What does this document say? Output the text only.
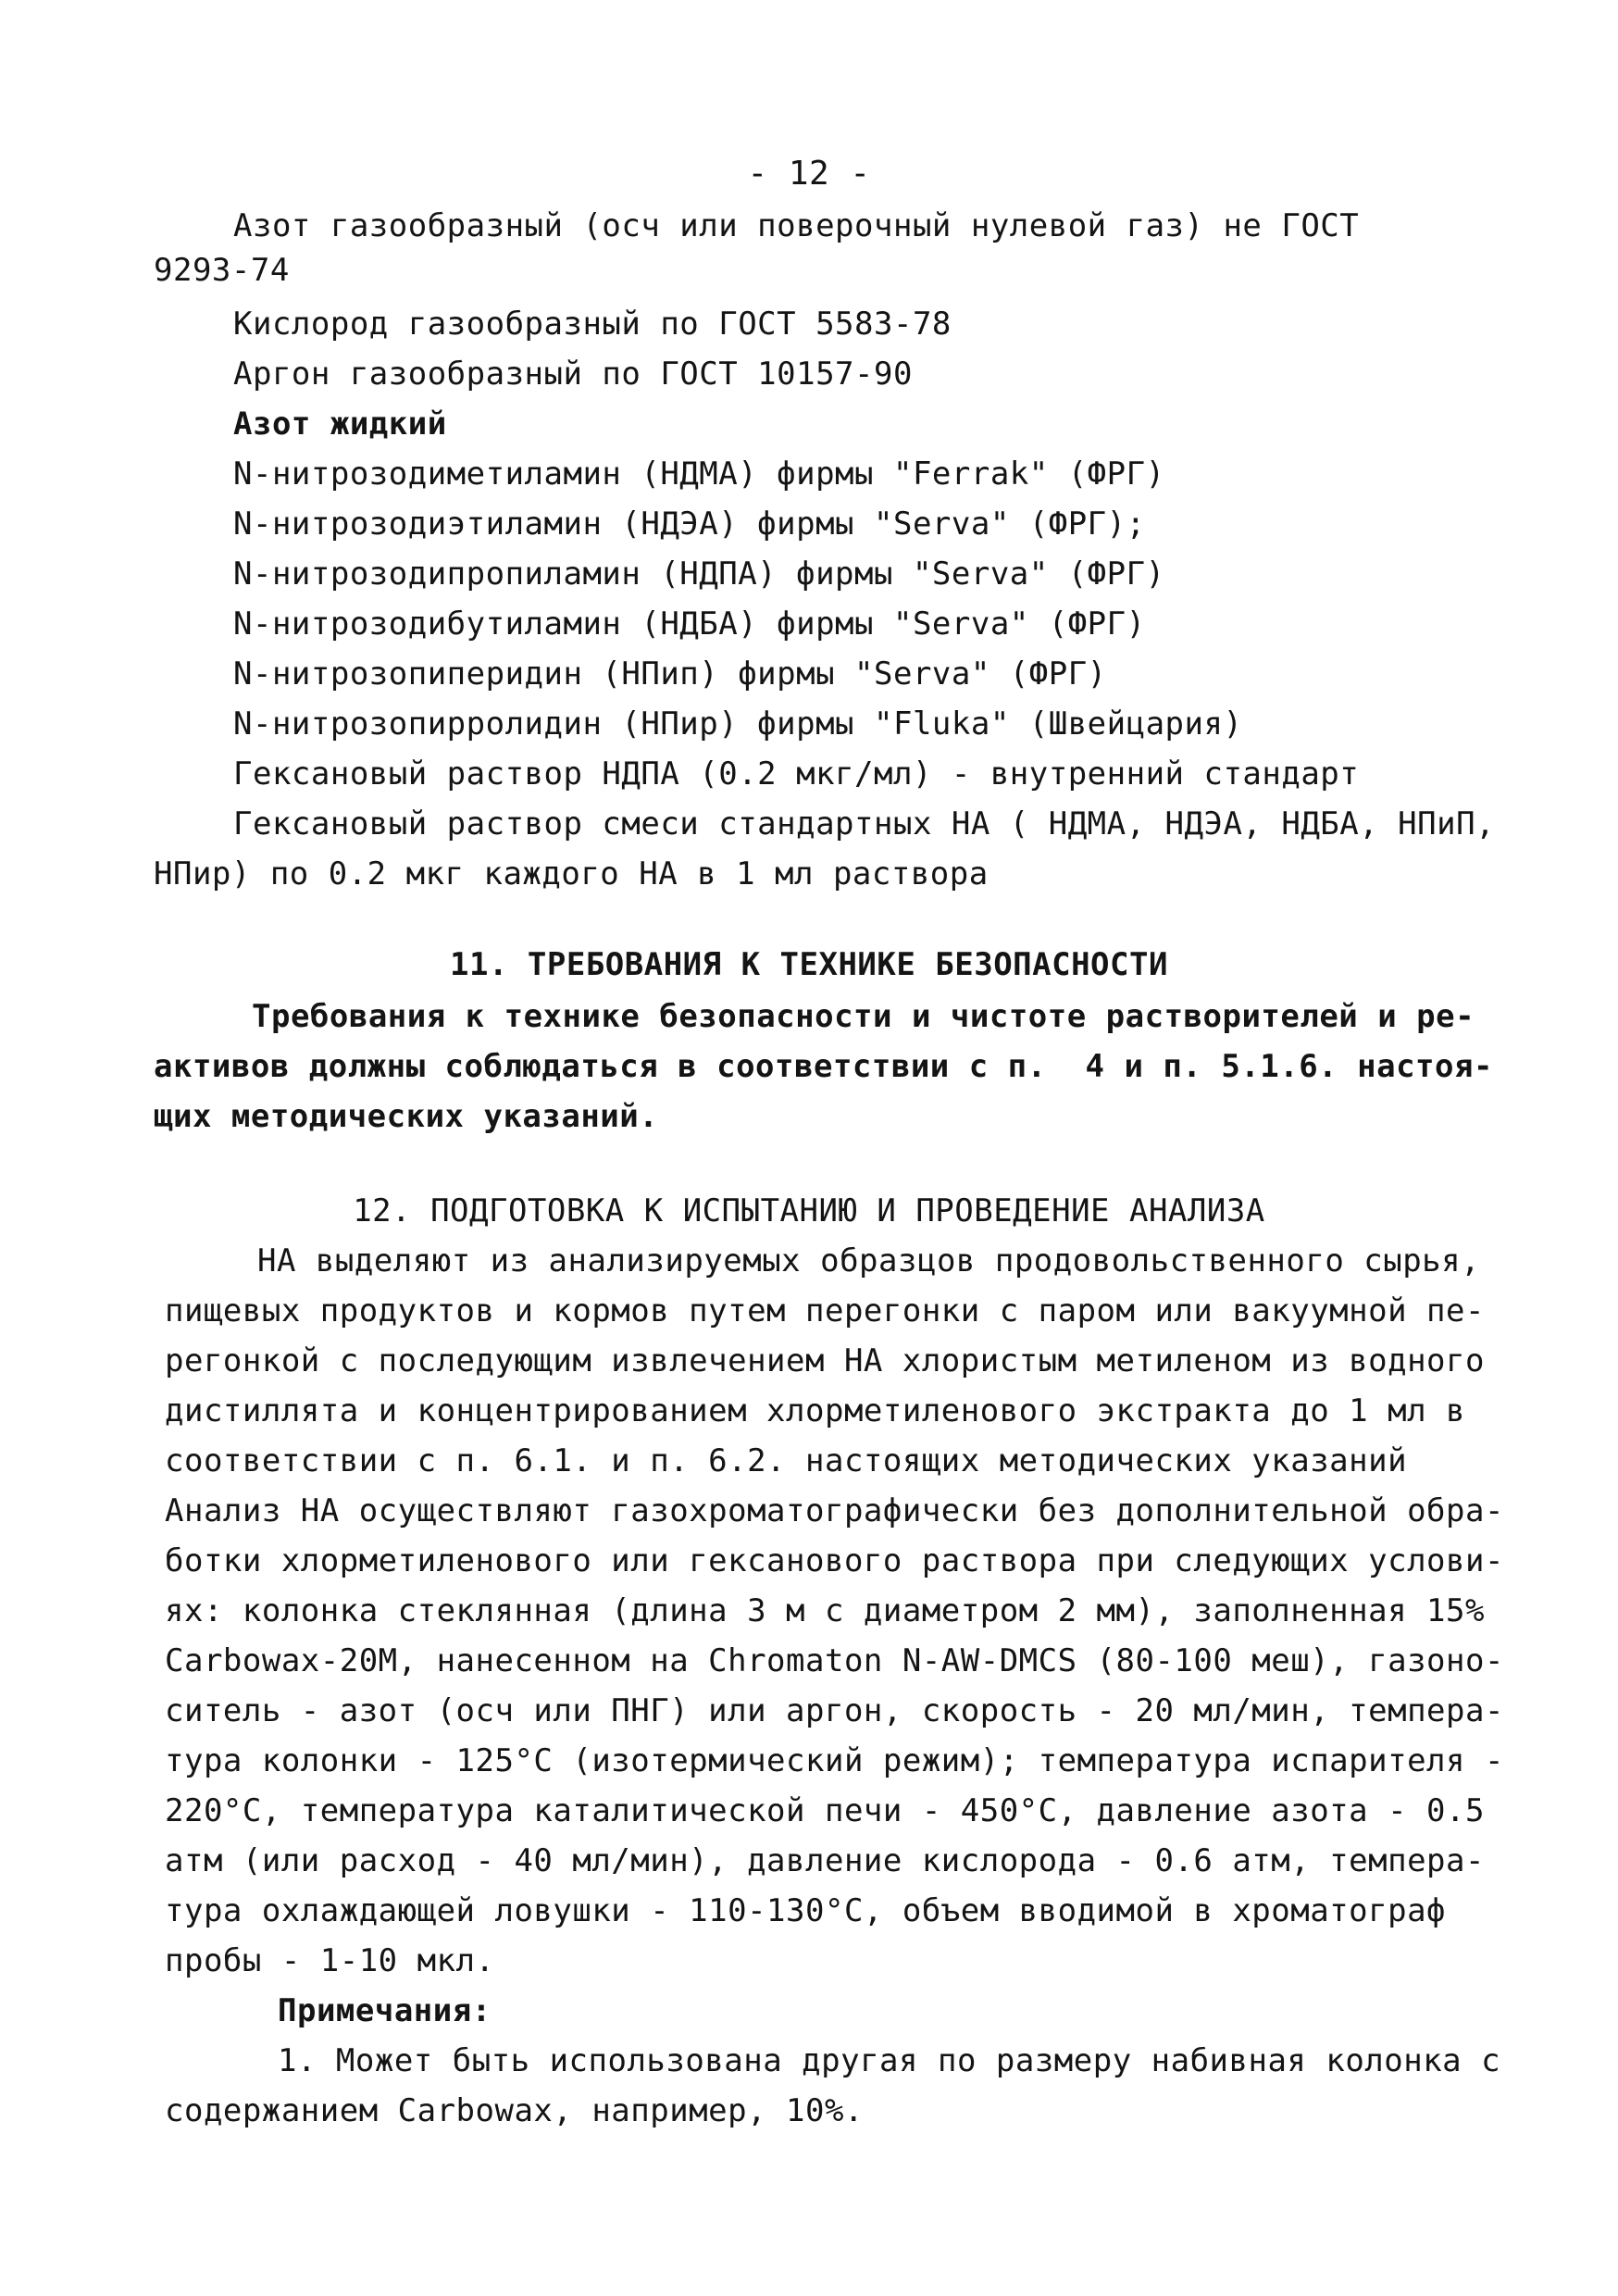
- 12 -
Азот газообразный (осч или поверочный нулевой газ) не ГОСТ
9293-74
Кислород газообразный по ГОСТ 5583-78
Аргон газообразный по ГОСТ 10157-90
Азот жидкий
N-нитрозодиметиламин (НДМА) фирмы "Ferrak" (ФРГ)
N-нитрозодиэтиламин (НДЭА) фирмы "Serva" (ФРГ);
N-нитрозодипропиламин (НДПА) фирмы "Serva" (ФРГ)
N-нитрозодибутиламин (НДБА) фирмы "Serva" (ФРГ)
N-нитрозопиперидин (НПип) фирмы "Serva" (ФРГ)
N-нитрозопирролидин (НПир) фирмы "Fluka" (Швейцария)
Гексановый раствор НДПА (0.2 мкг/мл) - внутренний стандарт
Гексановый раствор смеси стандартных НА ( НДМА, НДЭА, НДБА, НПиП,
НПир) по 0.2 мкг каждого НА в 1 мл раствора
11. ТРЕБОВАНИЯ К ТЕХНИКЕ БЕЗОПАСНОСТИ
Требования к технике безопасности и чистоте растворителей и ре-
активов должны соблюдаться в соответствии с п.  4 и п. 5.1.6. настоя-
щих методических указаний.
12. ПОДГОТОВКА К ИСПЫТАНИЮ И ПРОВЕДЕНИЕ АНАЛИЗА
НА выделяют из анализируемых образцов продовольственного сырья,
пищевых продуктов и кормов путем перегонки с паром или вакуумной пе-
регонкой с последующим извлечением НА хлористым метиленом из водного
дистиллята и концентрированием хлорметиленового экстракта до 1 мл в
соответствии с п. 6.1. и п. 6.2. настоящих методических указаний
Анализ НА осуществляют газохроматографически без дополнительной обра-
ботки хлорметиленового или гексанового раствора при следующих услови-
ях: колонка стеклянная (длина 3 м с диаметром 2 мм), заполненная 15%
Carbowax-20M, нанесенном на Chromaton N-AW-DMCS (80-100 меш), газоно-
ситель - азот (осч или ПНГ) или аргон, скорость - 20 мл/мин, темпера-
тура колонки - 125°C (изотермический режим); температура испарителя -
220°C, температура каталитической печи - 450°C, давление азота - 0.5
атм (или расход - 40 мл/мин), давление кислорода - 0.6 атм, темпера-
тура охлаждающей ловушки - 110-130°C, объем вводимой в хроматограф
пробы - 1-10 мкл.
Примечания:
1. Может быть использована другая по размеру набивная колонка с
содержанием Carbowax, например, 10%.
